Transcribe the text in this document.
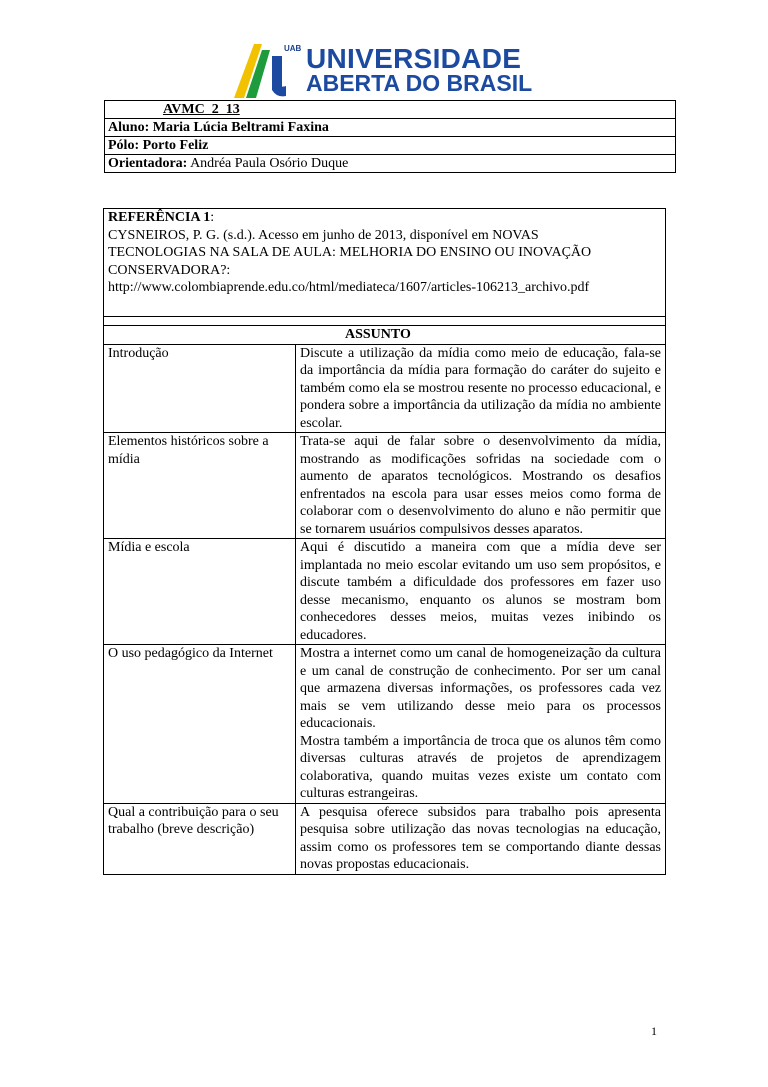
UAB UNIVERSIDADE
ABERTA DO BRASIL
AVMC_2_13
Aluno: Maria Lúcia Beltrami Faxina
Pólo: Porto Feliz
Orientadora: Andréa Paula Osório Duque
REFERÊNCIA 1:
CYSNEIROS, P. G. (s.d.). Acesso em junho de 2013, disponível em NOVAS
TECNOLOGIAS NA SALA DE AULA: MELHORIA DO ENSINO OU INOVAÇÃO
CONSERVADORA?:
http://www.colombiaprende.edu.co/html/mediateca/1607/articles-106213_archivo.pdf

ASSUNTO	
Introdução	Discute a utilização da mídia como meio de educação, fala-se da importância da mídia para formação do caráter do sujeito e também como ela se mostrou resente no processo educacional, e pondera sobre a importância da utilização da mídia no ambiente escolar.
Elementos históricos sobre a mídia	Trata-se aqui de falar sobre o desenvolvimento da mídia, mostrando as modificações sofridas na sociedade com o aumento de aparatos tecnológicos. Mostrando os desafios enfrentados na escola para usar esses meios como forma de colaborar com o desenvolvimento do aluno e não permitir que se tornarem usuários compulsivos desses aparatos.
Mídia e escola	Aqui é discutido a maneira com que a mídia deve ser implantada no meio escolar evitando um uso sem propósitos, e discute também a dificuldade dos professores em fazer uso desse mecanismo, enquanto os alunos se mostram bom conhecedores desses meios, muitas vezes inibindo os educadores.
O uso pedagógico da Internet	Mostra a internet como um canal de homogeneização da cultura e um canal de construção de conhecimento. Por ser um canal que armazena diversas informações, os professores cada vez mais se vem utilizando desse meio para os processos educacionais.
Mostra também a importância de troca que os alunos têm como diversas culturas através de projetos de aprendizagem colaborativa, quando muitas vezes existe um contato com culturas estrangeiras.

Qual a contribuição para o seu trabalho (breve descrição)	A pesquisa oferece subsidos para trabalho pois apresenta pesquisa sobre utilização das novas tecnologias na educação, assim como os professores tem se comportando diante dessas novas propostas educacionais.
1
